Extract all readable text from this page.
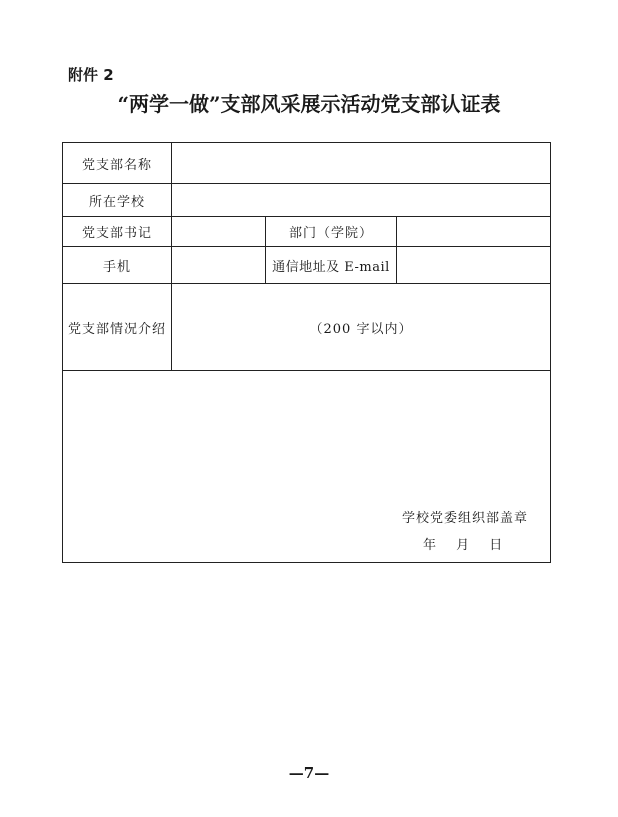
附件 2
“两学一做”支部风采展示活动党支部认证表
党支部名称
所在学校
党支部书记	部门（学院）
手机	通信地址及 E-mail
党支部情况介绍	（200 字以内）
学校党委组织部盖章
年　 月　 日
—7—
